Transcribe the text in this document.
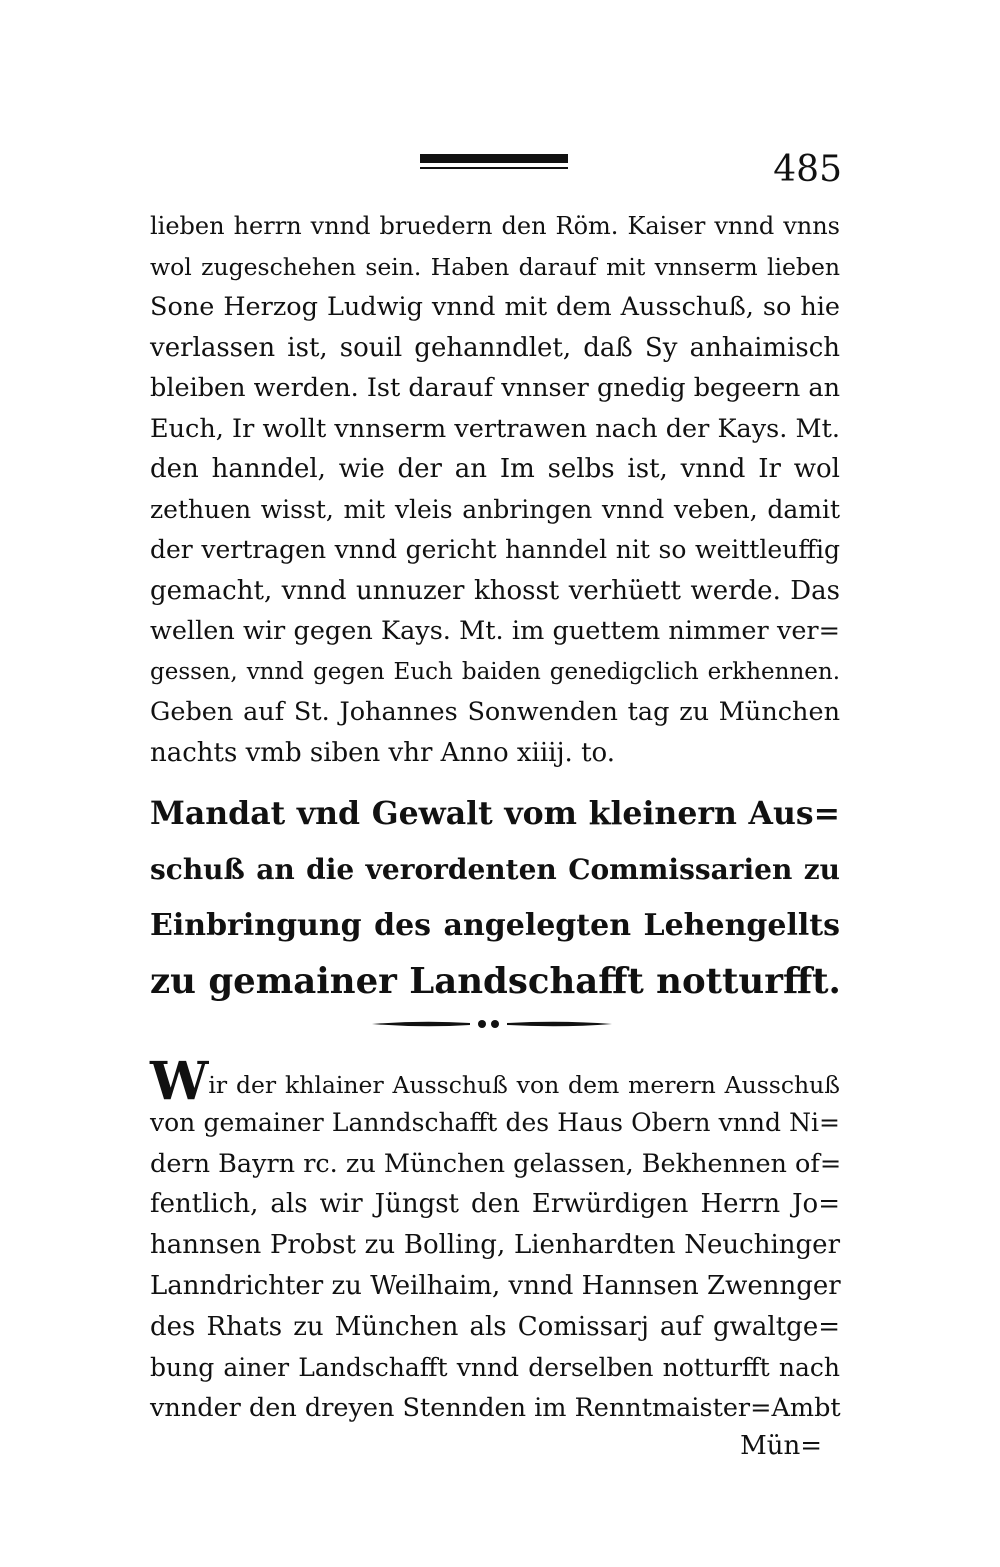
485
lieben herrn vnnd bruedern den Röm. Kaiser vnnd vnns
wol zugeschehen sein. Haben darauf mit vnnserm lieben
Sone Herzog Ludwig vnnd mit dem Ausschuß, so hie
verlassen ist, souil gehanndlet, daß Sy anhaimisch
bleiben werden. Ist darauf vnnser gnedig begeern an
Euch, Ir wollt vnnserm vertrawen nach der Kays. Mt.
den hanndel, wie der an Im selbs ist, vnnd Ir wol
zethuen wisst, mit vleis anbringen vnnd veben, damit
der vertragen vnnd gericht hanndel nit so weittleuffig
gemacht, vnnd unnuzer khosst verhüett werde. Das
wellen wir gegen Kays. Mt. im guettem nimmer ver=
gessen, vnnd gegen Euch baiden genedigclich erkhennen.
Geben auf St. Johannes Sonwenden tag zu München
nachts vmb siben vhr Anno xiiij. to.
Mandat vnd Gewalt vom kleinern Aus=
schuß an die verordenten Commissarien zu
Einbringung des angelegten Lehengellts
zu gemainer Landschafft notturfft.
Wir der khlainer Ausschuß von dem merern Ausschuß
von gemainer Lanndschafft des Haus Obern vnnd Ni=
dern Bayrn rc. zu München gelassen, Bekhennen of=
fentlich, als wir Jüngst den Erwürdigen Herrn Jo=
hannsen Probst zu Bolling, Lienhardten Neuchinger
Lanndrichter zu Weilhaim, vnnd Hannsen Zwennger
des Rhats zu München als Comissarj auf gwaltge=
bung ainer Landschafft vnnd derselben notturfft nach
vnnder den dreyen Stennden im Renntmaister=Ambt
Mün=
